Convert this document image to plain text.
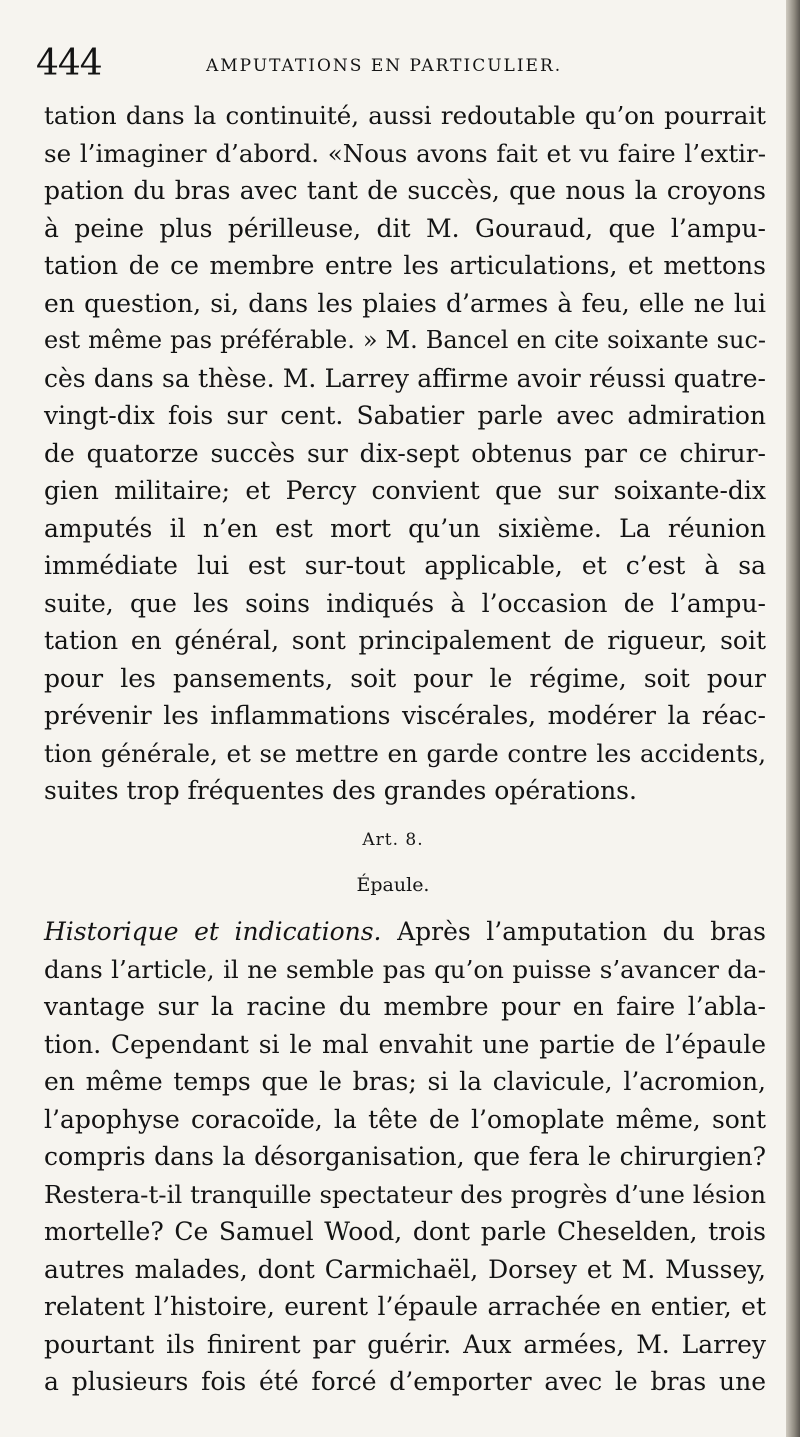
444	AMPUTATIONS EN PARTICULIER.
tation dans la continuité, aussi redoutable qu’on pourrait
se l’imaginer d’abord. «Nous avons fait et vu faire l’extir-
pation du bras avec tant de succès, que nous la croyons
à peine plus périlleuse, dit M. Gouraud, que l’ampu-
tation de ce membre entre les articulations, et mettons
en question, si, dans les plaies d’armes à feu, elle ne lui
est même pas préférable. » M. Bancel en cite soixante suc-
cès dans sa thèse. M. Larrey affirme avoir réussi quatre-
vingt-dix fois sur cent. Sabatier parle avec admiration
de quatorze succès sur dix-sept obtenus par ce chirur-
gien militaire; et Percy convient que sur soixante-dix
amputés il n’en est mort qu’un sixième. La réunion
immédiate lui est sur-tout applicable, et c’est à sa
suite, que les soins indiqués à l’occasion de l’ampu-
tation en général, sont principalement de rigueur, soit
pour les pansements, soit pour le régime, soit pour
prévenir les inflammations viscérales, modérer la réac-
tion générale, et se mettre en garde contre les accidents,
suites trop fréquentes des grandes opérations.
Art. 8.
Épaule.
Historique et indications. Après l’amputation du bras
dans l’article, il ne semble pas qu’on puisse s’avancer da-
vantage sur la racine du membre pour en faire l’abla-
tion. Cependant si le mal envahit une partie de l’épaule
en même temps que le bras; si la clavicule, l’acromion,
l’apophyse coracoïde, la tête de l’omoplate même, sont
compris dans la désorganisation, que fera le chirurgien?
Restera-t-il tranquille spectateur des progrès d’une lésion
mortelle? Ce Samuel Wood, dont parle Cheselden, trois
autres malades, dont Carmichaël, Dorsey et M. Mussey,
relatent l’histoire, eurent l’épaule arrachée en entier, et
pourtant ils finirent par guérir. Aux armées, M. Larrey
a plusieurs fois été forcé d’emporter avec le bras une
